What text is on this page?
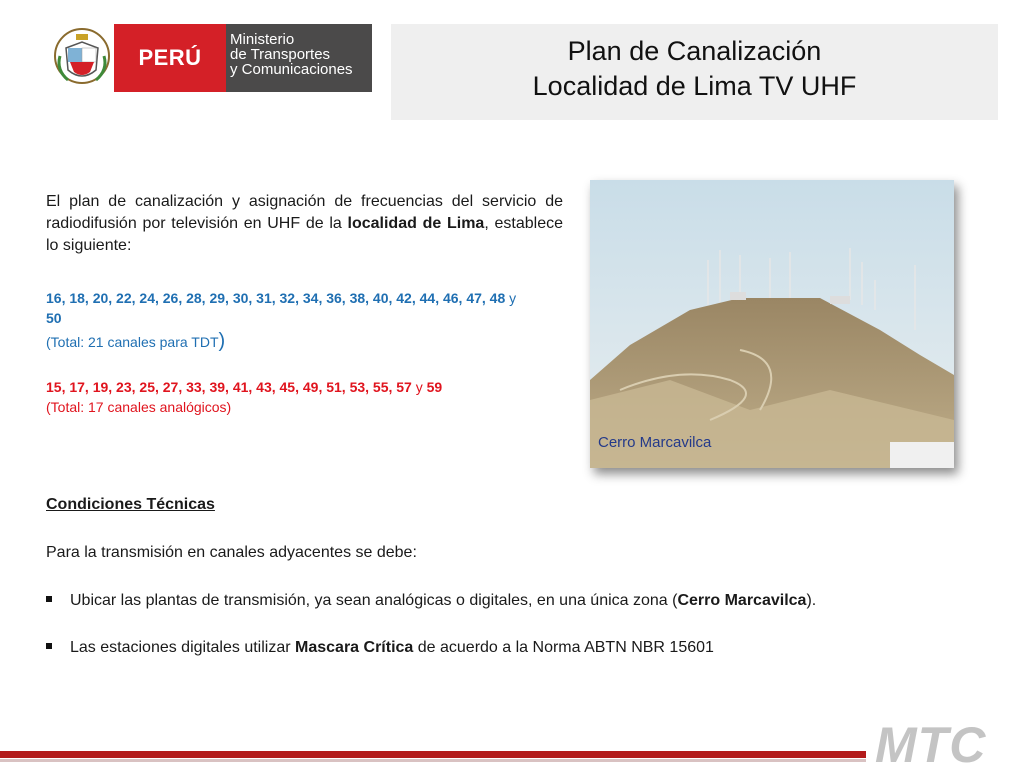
PERÚ
Ministerio
de Transportes
y Comunicaciones
Plan de Canalización
Localidad de Lima TV UHF
El plan de canalización y asignación de frecuencias del servicio de radiodifusión por televisión en UHF de la localidad de Lima, establece lo siguiente:
16, 18, 20, 22, 24, 26, 28, 29, 30, 31, 32, 34, 36, 38, 40, 42, 44, 46, 47, 48 y
50
(Total: 21 canales para TDT)
15, 17, 19, 23, 25, 27, 33, 39, 41, 43, 45, 49, 51, 53, 55, 57 y 59
(Total: 17 canales analógicos)
Cerro Marcavilca
Condiciones Técnicas
Para la transmisión en canales adyacentes se debe:
Ubicar las plantas de transmisión, ya sean analógicas o digitales, en una única zona (Cerro Marcavilca).
Las estaciones digitales utilizar Mascara Crítica de acuerdo a la Norma ABTN NBR 15601
MTC
